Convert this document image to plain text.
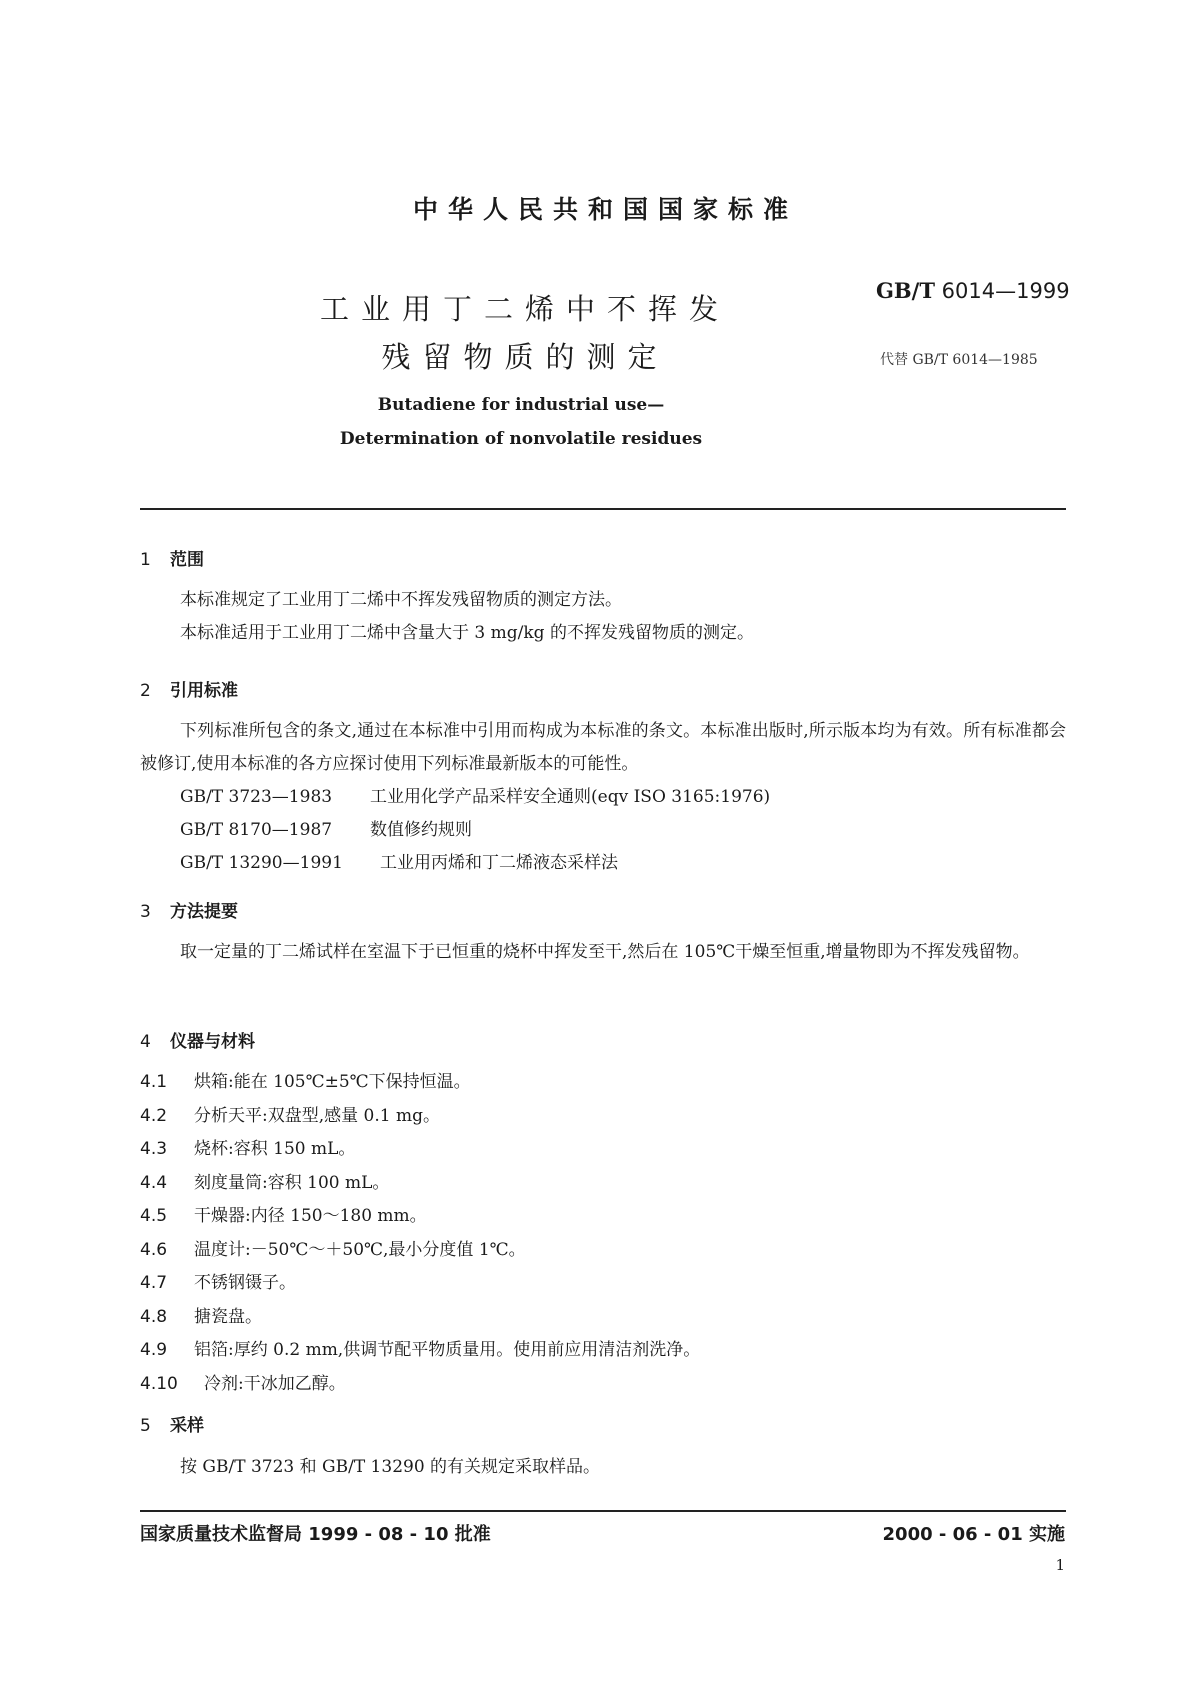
中华人民共和国国家标准
工业用丁二烯中不挥发
残留物质的测定
GB/T 6014—1999
代替 GB/T 6014—1985
Butadiene for industrial use—
Determination of nonvolatile residues
1 范围

本标准规定了工业用丁二烯中不挥发残留物质的测定方法。

本标准适用于工业用丁二烯中含量大于 3 mg/kg 的不挥发残留物质的测定。

2 引用标准

下列标准所包含的条文,通过在本标准中引用而构成为本标准的条文。本标准出版时,所示版本均为有效。所有标准都会被修订,使用本标准的各方应探讨使用下列标准最新版本的可能性。

GB/T 3723—1983 工业用化学产品采样安全通则(eqv ISO 3165:1976)
GB/T 8170—1987 数值修约规则
GB/T 13290—1991 工业用丙烯和丁二烯液态采样法
3 方法提要

取一定量的丁二烯试样在室温下于已恒重的烧杯中挥发至干,然后在 105℃干燥至恒重,增量物即为不挥发残留物。

4 仪器与材料
4.1 烘箱:能在 105℃±5℃下保持恒温。
4.2 分析天平:双盘型,感量 0.1 mg。
4.3 烧杯:容积 150 mL。
4.4 刻度量筒:容积 100 mL。
4.5 干燥器:内径 150～180 mm。
4.6 温度计:－50℃～＋50℃,最小分度值 1℃。
4.7 不锈钢镊子。
4.8 搪瓷盘。
4.9 铝箔:厚约 0.2 mm,供调节配平物质量用。使用前应用清洁剂洗净。
4.10 冷剂:干冰加乙醇。
5 采样

按 GB/T 3723 和 GB/T 13290 的有关规定采取样品。

国家质量技术监督局 1999 - 08 - 10 批准	2000 - 06 - 01 实施
1
